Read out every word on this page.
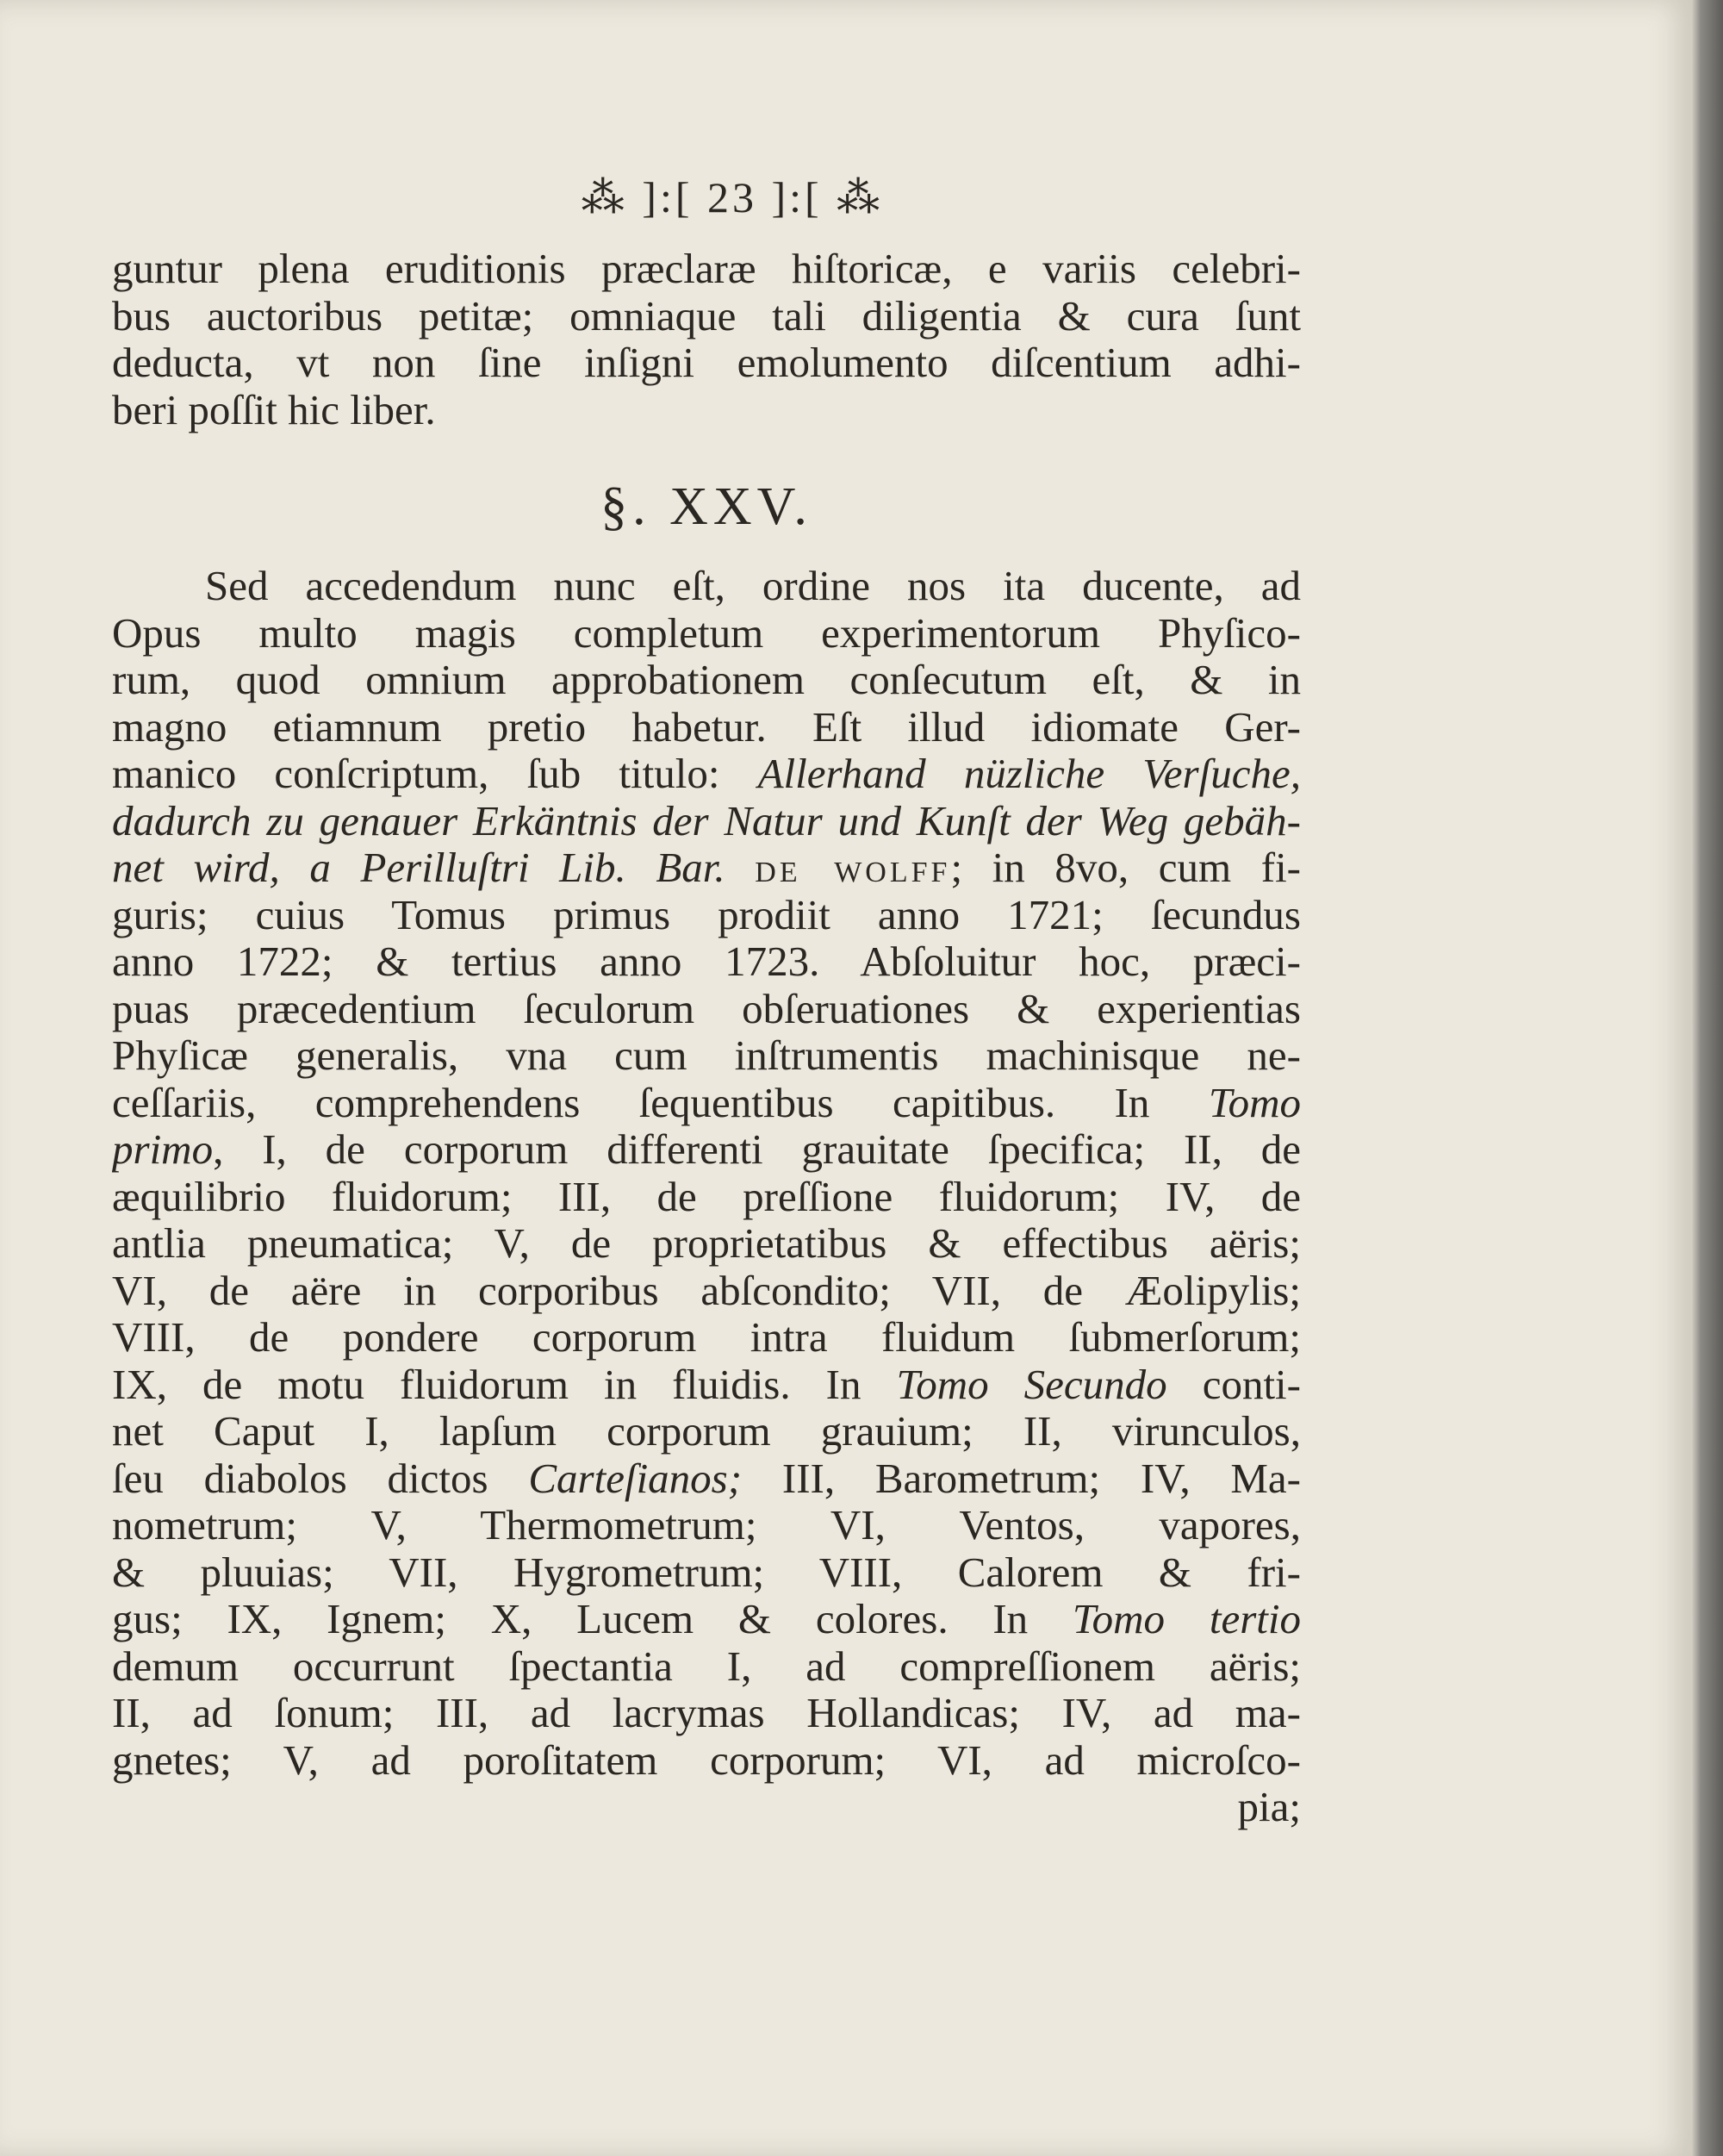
⁂ ]:[ 23 ]:[ ⁂
guntur plena eruditionis præclaræ hiſtoricæ, e variis celebri-
bus auctoribus petitæ; omniaque tali diligentia & cura ſunt
deducta, vt non ſine inſigni emolumento diſcentium adhi-
beri poſſit hic liber.
§. XXV.
Sed accedendum nunc eſt, ordine nos ita ducente, ad
Opus multo magis completum experimentorum Phyſico-
rum, quod omnium approbationem conſecutum eſt, & in
magno etiamnum pretio habetur. Eſt illud idiomate Ger-
manico conſcriptum, ſub titulo: Allerhand nüzliche Verſuche,
dadurch zu genauer Erkäntnis der Natur und Kunſt der Weg gebäh-
net wird, a Perilluſtri Lib. Bar. de wolff; in 8vo, cum fi-
guris; cuius Tomus primus prodiit anno 1721; ſecundus
anno 1722; & tertius anno 1723. Abſoluitur hoc, præci-
puas præcedentium ſeculorum obſeruationes & experientias
Phyſicæ generalis, vna cum inſtrumentis machinisque ne-
ceſſariis, comprehendens ſequentibus capitibus. In Tomo
primo, I, de corporum differenti grauitate ſpecifica; II, de
æquilibrio fluidorum; III, de preſſione fluidorum; IV, de
antlia pneumatica; V, de proprietatibus & effectibus aëris;
VI, de aëre in corporibus abſcondito; VII, de Æolipylis;
VIII, de pondere corporum intra fluidum ſubmerſorum;
IX, de motu fluidorum in fluidis. In Tomo Secundo conti-
net Caput I, lapſum corporum grauium; II, virunculos,
ſeu diabolos dictos Carteſianos; III, Barometrum; IV, Ma-
nometrum; V, Thermometrum; VI, Ventos, vapores,
& pluuias; VII, Hygrometrum; VIII, Calorem & fri-
gus; IX, Ignem; X, Lucem & colores. In Tomo tertio
demum occurrunt ſpectantia I, ad compreſſionem aëris;
II, ad ſonum; III, ad lacrymas Hollandicas; IV, ad ma-
gnetes; V, ad poroſitatem corporum; VI, ad microſco-
pia;
